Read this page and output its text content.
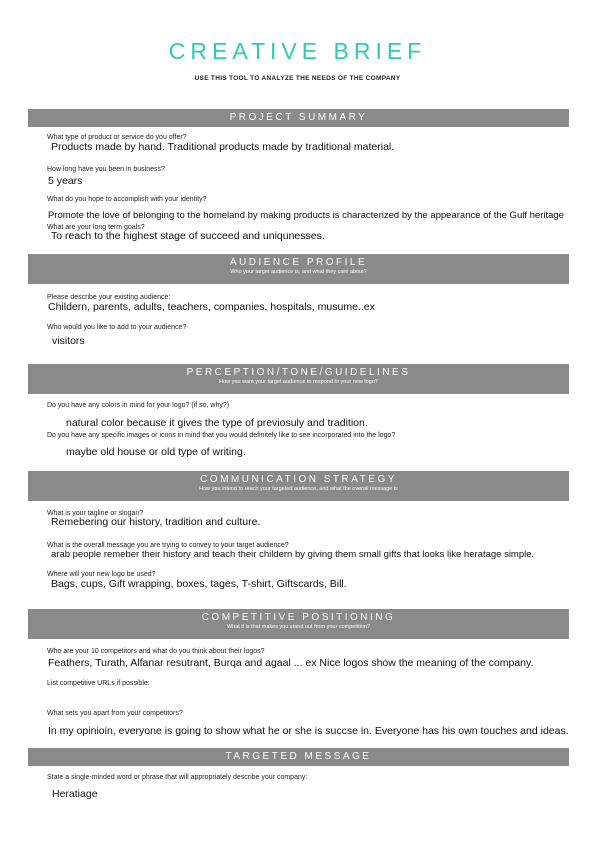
CREATIVE BRIEF
USE THIS TOOL TO ANALYZE THE NEEDS OF THE COMPANY
PROJECT SUMMARY
What type of product or service do you offer?
Products made by hand. Traditional products made by traditional material.
How long have you been in business?
5 years
What do you hope to accomplish with your identity?
Promote the love of belonging to the homeland by making products is characterized by the appearance of the Gulf heritage
What are your long term goals?
To reach to the highest stage of succeed and uniqunesses.
AUDIENCE PROFILE
Who your target audience is, and what they care about?
Please describe your existing audience:
Childern, parents, adults, teachers, companies, hospitals, musume..ex
Who would you like to add to your audience?
visitors
PERCEPTION/TONE/GUIDELINES
How you want your target audience to respond to your new logo?
Do you have any colors in mind for your logo? (if so, why?)
natural color because it gives the type of previosuly and tradition.
Do you have any specific images or icons in mind that you would definitely like to see incorporated into the logo?
maybe old house or old type of writing.
COMMUNICATION STRATEGY
How you intend to reach your targeted audience, and what the overall message is
What is your tagline or slogan?
Remebering our history, tradition and culture.
What is the overall message you are trying to convey to your target audience?
arab people remeber their history and teach their childern by giving them small gifts that looks like heratage simple.
Where will your new logo be used?
Bags, cups, Gift wrapping, boxes, tages, T-shirt, Giftscards, Bill.
COMPETITIVE POSITIONING
What it is that makes you stand out from your competition?
Who are your 10 competitors and what do you think about their logos?
Feathers, Turath, Alfanar resutrant, Burqa and agaal ... ex Nice logos show the meaning of the company.
List competitive URLs if possible:
What sets you apart from your competitors?
In my opinioin, everyone is going to show what he or she is succse in. Everyone has his own touches and ideas.
TARGETED MESSAGE
State a single-minded word or phrase that will appropriately describe your company:
Heratiage
